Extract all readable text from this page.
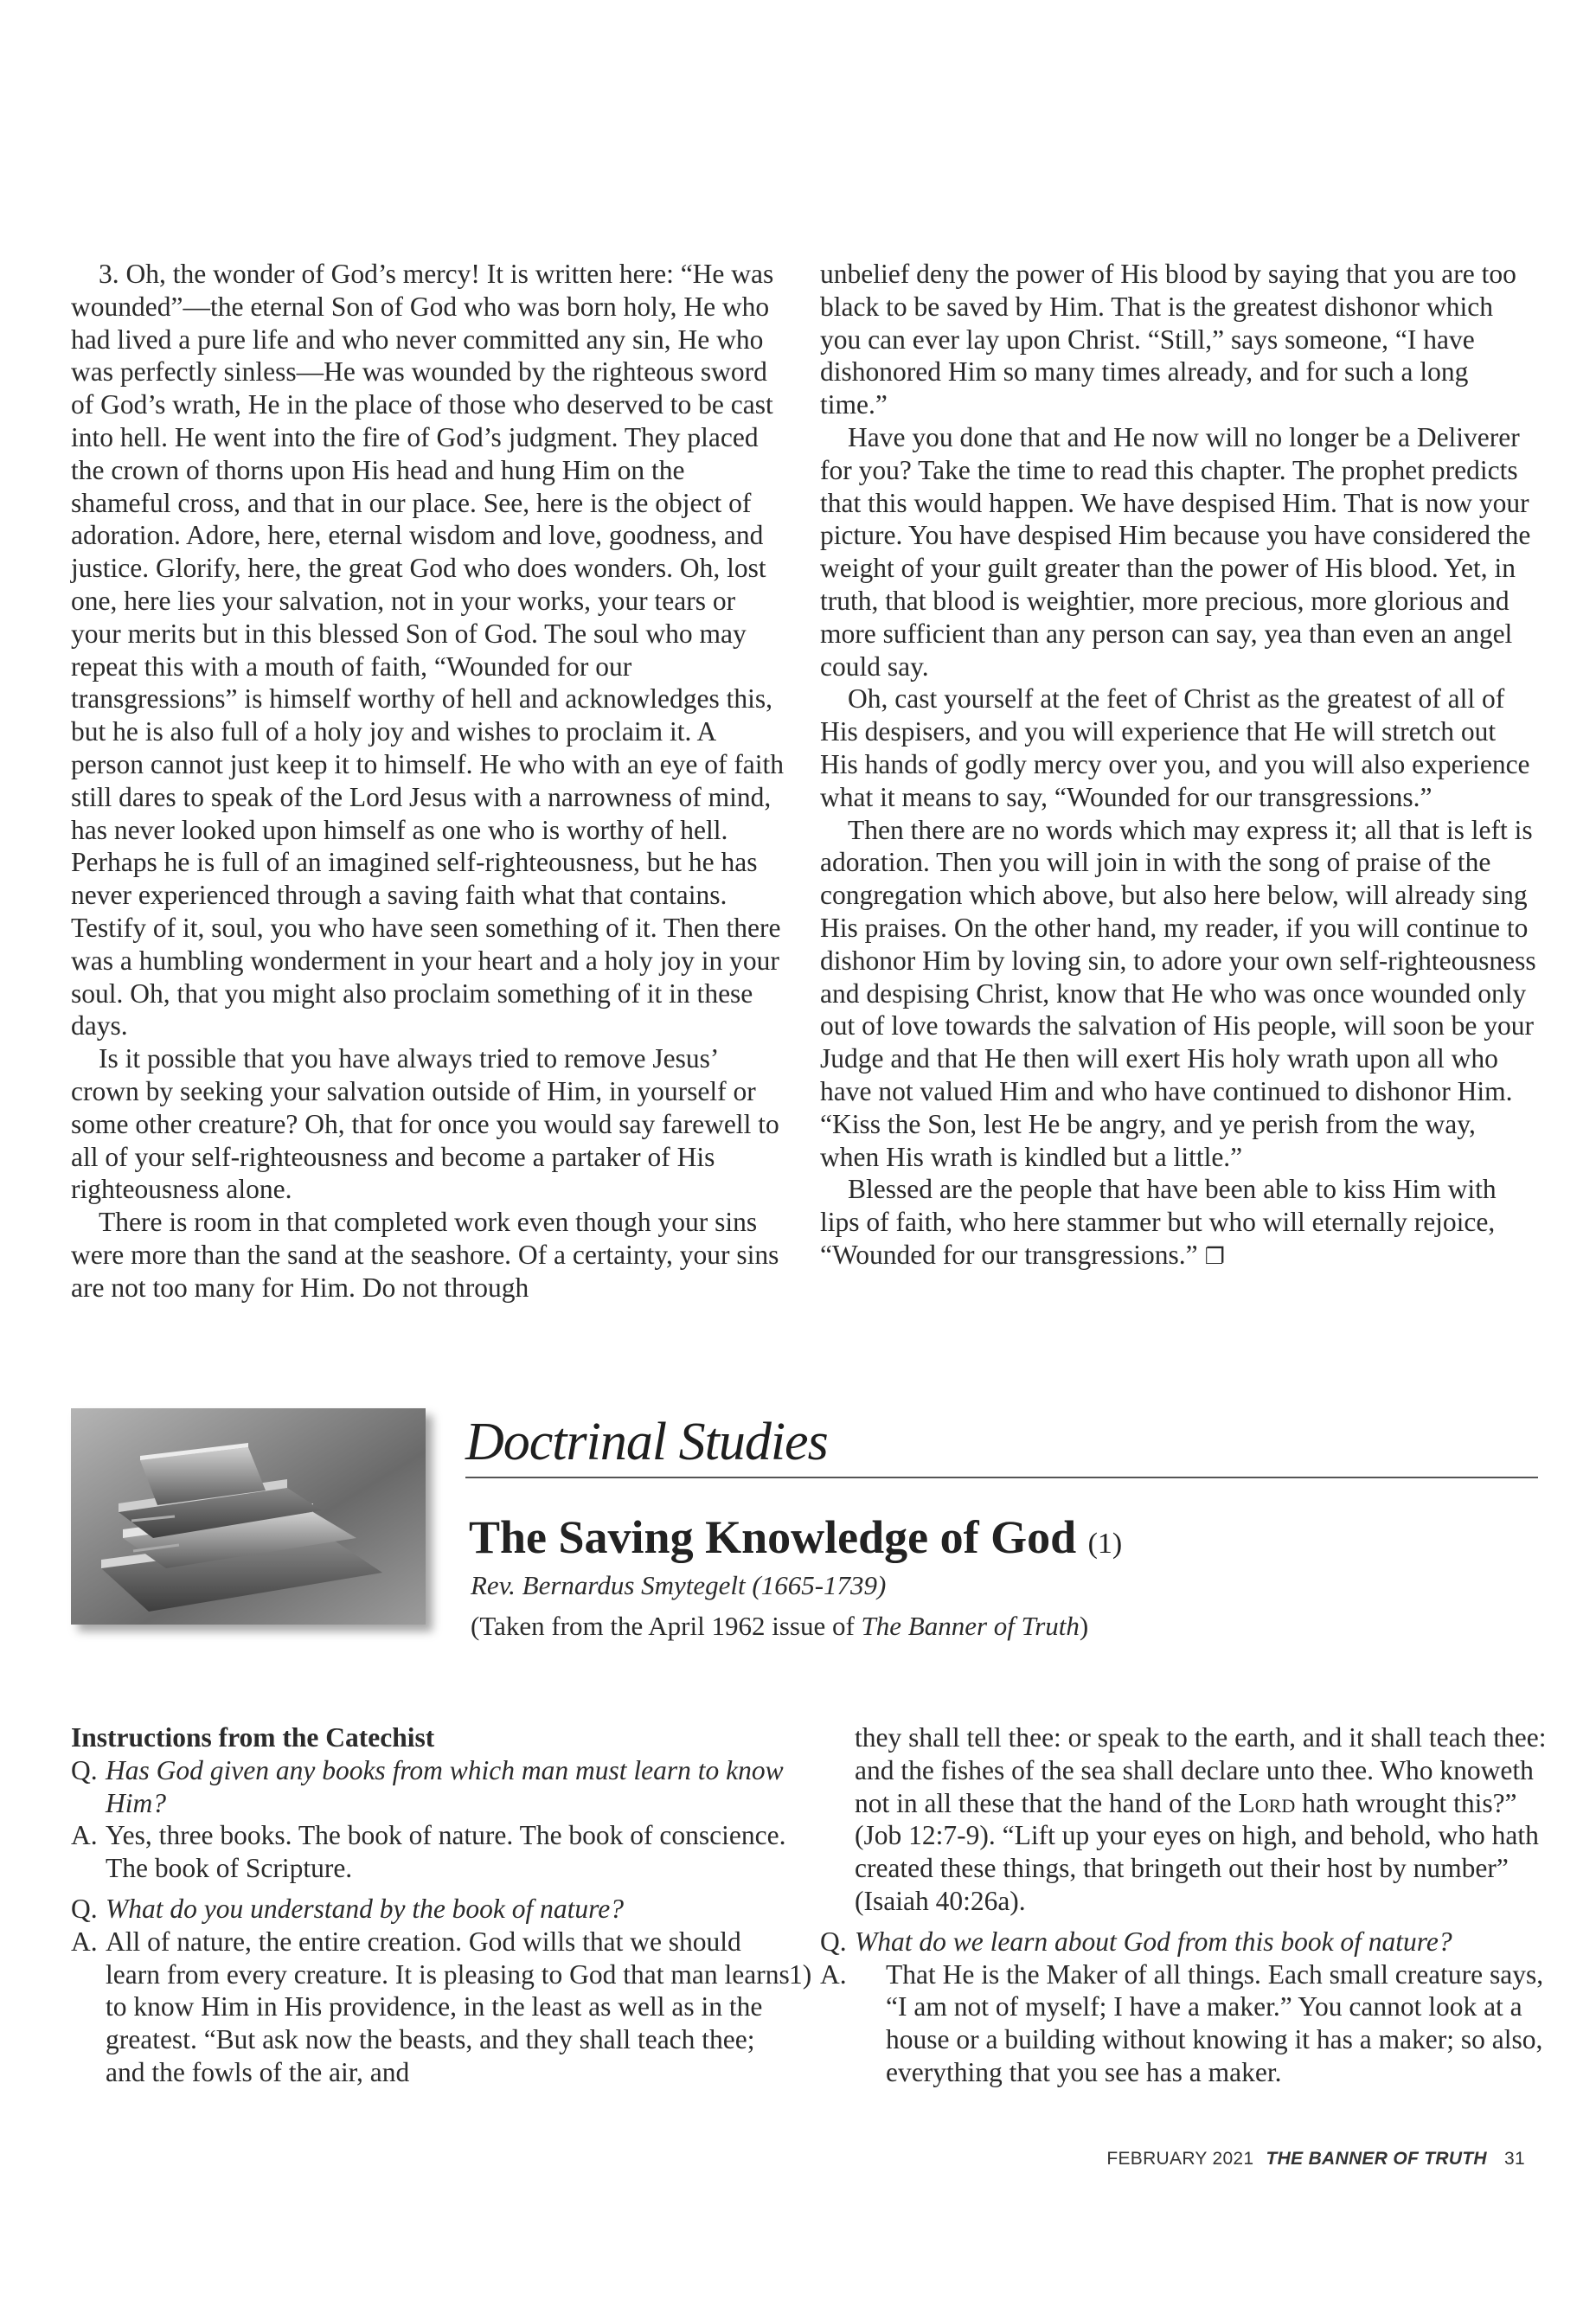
3. Oh, the wonder of God’s mercy! It is written here: “He was wounded”—the eternal Son of God who was born holy, He who had lived a pure life and who never committed any sin, He who was perfectly sinless—He was wounded by the righteous sword of God’s wrath, He in the place of those who deserved to be cast into hell. He went into the fire of God’s judgment. They placed the crown of thorns upon His head and hung Him on the shameful cross, and that in our place. See, here is the object of adoration. Adore, here, eternal wisdom and love, goodness, and justice. Glorify, here, the great God who does wonders. Oh, lost one, here lies your salvation, not in your works, your tears or your merits but in this blessed Son of God. The soul who may repeat this with a mouth of faith, “Wounded for our transgressions” is himself worthy of hell and acknowledges this, but he is also full of a holy joy and wishes to proclaim it. A person cannot just keep it to himself. He who with an eye of faith still dares to speak of the Lord Jesus with a narrowness of mind, has never looked upon himself as one who is worthy of hell. Perhaps he is full of an imagined self-righteousness, but he has never experienced through a saving faith what that contains. Testify of it, soul, you who have seen something of it. Then there was a humbling wonderment in your heart and a holy joy in your soul. Oh, that you might also proclaim something of it in these days.

Is it possible that you have always tried to remove Jesus’ crown by seeking your salvation outside of Him, in yourself or some other creature? Oh, that for once you would say farewell to all of your self-righteousness and become a partaker of His righteousness alone.

There is room in that completed work even though your sins were more than the sand at the seashore. Of a certainty, your sins are not too many for Him. Do not through

unbelief deny the power of His blood by saying that you are too black to be saved by Him. That is the greatest dishonor which you can ever lay upon Christ. “Still,” says someone, “I have dishonored Him so many times already, and for such a long time.”

Have you done that and He now will no longer be a Deliverer for you? Take the time to read this chapter. The prophet predicts that this would happen. We have despised Him. That is now your picture. You have despised Him because you have considered the weight of your guilt greater than the power of His blood. Yet, in truth, that blood is weightier, more precious, more glorious and more sufficient than any person can say, yea than even an angel could say.

Oh, cast yourself at the feet of Christ as the greatest of all of His despisers, and you will experience that He will stretch out His hands of godly mercy over you, and you will also experience what it means to say, “Wounded for our transgressions.”

Then there are no words which may express it; all that is left is adoration. Then you will join in with the song of praise of the congregation which above, but also here below, will already sing His praises. On the other hand, my reader, if you will continue to dishonor Him by loving sin, to adore your own self-righteousness and despising Christ, know that He who was once wounded only out of love towards the salvation of His people, will soon be your Judge and that He then will exert His holy wrath upon all who have not valued Him and who have continued to dishonor Him. “Kiss the Son, lest He be angry, and ye perish from the way, when His wrath is kindled but a little.”

Blessed are the people that have been able to kiss Him with lips of faith, who here stammer but who will eternally rejoice, “Wounded for our transgressions.” ❐

Doctrinal Studies
The Saving Knowledge of God (1)
Rev. Bernardus Smytegelt (1665-1739)
(Taken from the April 1962 issue of The Banner of Truth)

Instructions from the Catechist

Q. Has God given any books from which man must learn to know Him?

A. Yes, three books. The book of nature. The book of conscience. The book of Scripture.

Q. What do you understand by the book of nature?

A. All of nature, the entire creation. God wills that we should learn from every creature. It is pleasing to God that man learns to know Him in His providence, in the least as well as in the greatest. “But ask now the beasts, and they shall teach thee; and the fowls of the air, and

they shall tell thee: or speak to the earth, and it shall teach thee: and the fishes of the sea shall declare unto thee. Who knoweth not in all these that the hand of the Lord hath wrought this?” (Job 12:7-9). “Lift up your eyes on high, and behold, who hath created these things, that bringeth out their host by number” (Isaiah 40:26a).

Q. What do we learn about God from this book of nature?

A.1)	That He is the Maker of all things. Each small creature says, “I am not of myself; I have a maker.” You cannot look at a house or a building without knowing it has a maker; so also, everything that you see has a maker.

FEBRUARY 2021 THE BANNER OF TRUTH 31
